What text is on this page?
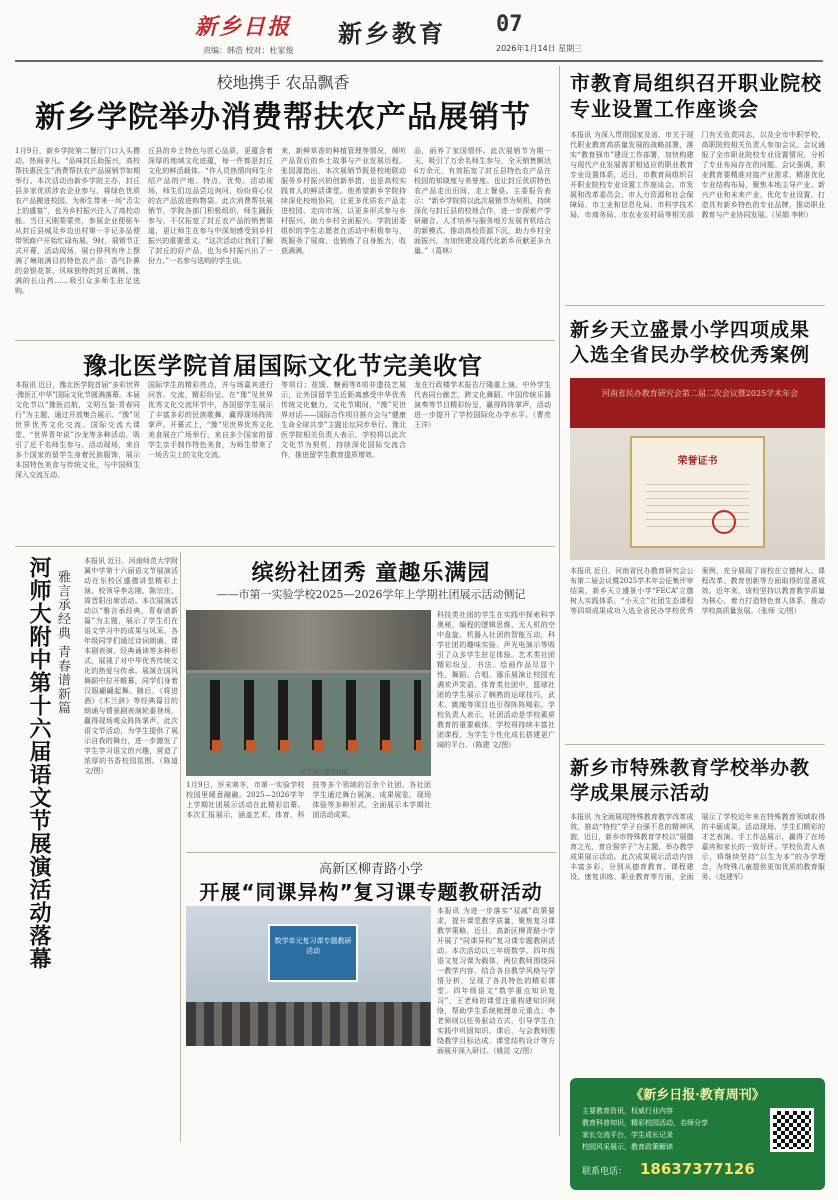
新乡日报
责编：韩浩 校对：杜家俊
新乡教育 07
2026年1月14日 星期三
校地携手 农品飘香
新乡学院举办消费帮扶农产品展销节
1月9日，新乡学院第二餐厅门口人头攒动，热闹非凡。“品味封丘助振兴，高校帮扶惠民生”消费帮扶农产品展销节如期举行。本次活动由新乡学院主办，封丘县多家优质涉农企业参与，将绿色优质农产品搬进校园，为师生带来一场“舌尖上的盛宴”，也为乡村振兴注入了高校动能。当日天刚蒙蒙亮，参展企业便驱车从封丘县城及乡边出村第一手记多品便带领商户开始忙碌布展。9时，展销节正式开幕，活动现场，展台排列有序上摆满了琳琅满目的特色农产品：香气扑鼻的金银花茶、风味独特的封丘黄桃、饱满的长山药……吸引众多师生驻足选购。
丘县的乡土特色与匠心品质，更蕴含着深厚的地域文化底蕴，每一件都是封丘文化的鲜活载体。“作人员热情向师生介绍产品的产地、特点、优势。活动现场，师生们边品尝边询问，纷纷将心仪的农产品放进购物袋。此次消费帮扶展销节，学院各部门积极组织，师生踊跃参与，不仅拓宽了封丘农产品的销售渠道，更让师生在参与中深刻感受到乡村振兴的重要意义。“这次活动让我们了解了封丘的好产品，也为乡村振兴出了一份力。”一名参与选购的学生说。
来，新鲜草香的种植管理等情况，倾听产品背后的乡土故事与产业发展历程。张园源指出，本次展销节既是校地联动服务乡村振兴的创新举措，也是高校实践育人的鲜活课堂。他希望新乡学院持续深化校地协同，让更多优质农产品走进校园、走向市场，以更多形式参与乡村振兴，助力乡村全面振兴。学院团委组织的学生志愿者在活动中积极参与，既服务了展商，也锻炼了自身能力，收获满满。
品，函养了家国情怀。此次展销节为期一天，吸引了万余名师生参与，全天销售额达6万余元，有效拓宽了封丘县特色农产品在校园的知晓度与美誉度。也让封丘优质特色农产品走出田间，走上餐桌。主委报告表示：“新乡学院将以此次展销节为契机，持续深化与封丘县的校地合作，进一步探索产学研融合、人才培养与服务地方发展有机结合的新模式，推动高校资源下沉，助力乡村全面振兴，为加快建设现代化新乡贡献更多力量。”（葛林）
市教育局组织召开职业院校专业设置工作座谈会
本报讯 为深入贯彻国家及省、市关于现代职业教育高质量发展的战略部署，落实“教育强市”建设工作部署，加快构建与现代产业发展需求相适应的职业教育专业设置体系，近日，市教育局组织召开职业院校专业设置工作座谈会。市发展和改革委员会、市人力资源和社会保障局、市工业和信息化局、市科学技术局、市商务局、市农业农村局等相关部门有关负责同志，以及全市中职学校、高职院校相关负责人参加会议。会议通报了全市职业院校专业设置情况，分析了专业布局存在的问题。会议强调，职业教育要精准对接产业需求，精准优化专业结构布局，聚焦本地主导产业、新兴产业和未来产业，优化专业设置，打造具有新乡特色的专业品牌，推动职业教育与产业协同发展。（吴娟 李彬）
豫北医学院首届国际文化节完美收官
本报讯 近日，豫北医学院首届“多彩世界·豫医汇中华”国际文化节圆满落幕。本届文化节以“豫医启航，文明互鉴·青春同行”为主题，通过开放集合展示、“豫”见世界优秀文化交流、国际交流大课堂、“世界青年说”沙龙等多种活动，吸引了近千名师生参与。活动现场，来自多个国家的留学生身着民族服饰，展示本国特色美食与传统文化，与中国师生深入交流互动。
国际学生的精彩亮点，并与场嘉宾进行问答、交流，精彩纷呈。在“豫”见世界优秀文化交流环节中，各国留学生展示了丰富多彩的民族歌舞，赢得现场阵阵掌声。开幕式上，“豫”见世界优秀文化美食展在广场举行，来自多个国家的留学生亲手制作特色美食，为师生带来了一场舌尖上的文化交流。
等项目；花馍、糖画等8项非遗技艺展示，让外国留学生近距离感受中华优秀传统文化魅力。文化节期间，“豫”见世界对话——国际合作项目推介会与“健康生命全球共享”主题论坛同步举行。豫北医学院相关负责人表示，学校将以此次文化节为契机，持续深化国际交流合作，推进留学生教育提质增效。
龙在行政楼学术报告厅隆重上演。中外学生代表同台献艺，跨文化舞蹈、中国传统乐器演奏等节目精彩纷呈，赢得阵阵掌声，活动进一步提升了学校国际化办学水平。（曹亮 王洋）
新乡天立盛景小学四项成果入选全省民办学校优秀案例
河南省民办教育研究会第二届二次会议暨2025学术年会
荣誉证书
本报讯 近日，河南省民办教育研究会公布第二届会议暨2025学术年会征集评审结果，新乡天立盛景小学“FECA”立德树人实践体系、“小天立”社团生态课程等四项成果成功入选全省民办学校优秀案例，充分展现了该校在立德树人、课程改革、教育创新等方面取得的显著成效。近年来，该校坚持以教育教学质量为核心，着力打造特色育人体系，推动学校高质量发展。（张师 文/图）
河师大附中第十六届语文节展演活动落幕 雅言承经典 青春谱新篇
本报讯 近日，河南师范大学附属中学第十六届语文节展演活动在东校区盛德讲堂精彩上演。校领导李志刚、陈宗庄、周晋阳出席活动。本次展演活动以“雅言承经典，青春谱新篇”为主题，展示了学生们在语文学习中的成果与风采。各年级同学们通过诗词朗诵、课本剧表演、经典诵读等多种形式，展现了对中华优秀传统文化的热爱与传承。展演在国风舞蹈中拉开帷幕，同学们身着汉服翩翩起舞。随后，《将进酒》《木兰辞》等经典篇目的朗诵与情景剧表演轮番登场，赢得现场观众阵阵掌声。此次语文节活动，为学生提供了展示自我的舞台，进一步激发了学生学习语文的兴趣，营造了浓厚的书香校园氛围。（陈道 文/图）
缤纷社团秀 童趣乐满园
——市第一实验学校2025—2026学年上学期社团展示活动侧记
1月9日，岁末寒冬，市第一实验学校校园里暖意融融。2025—2026学年上学期社团展示活动在此精彩启幕。本次汇报展示，涵盖艺术、体育、科技等多个领域的百余个社团。各社团学生通过舞台展演、成果展览、现场体验等多种形式，全面展示本学期社团活动成果。
科技类社团的学生在实践中探索科学奥秘，编程的逻辑思维、无人机的空中盘旋、机器人社团的智能互动，科学社团的趣味实验、声光电演示等吸引了众多学生驻足体验。艺术类社团精彩纷呈，书法、绘画作品尽显个性，舞蹈、合唱、器乐展演让校园充满欢声笑语。体育类社团中，篮球社团的学生展示了娴熟的运球技巧，武术、跳绳等项目也引得阵阵喝彩。学校负责人表示，社团活动是学校素质教育的重要载体，学校将持续丰富社团课程，为学生个性化成长搭建更广阔的平台。（陈建 文/图）
学生展示篮球技能。
高新区柳青路小学
开展“同课异构”复习课专题教研活动
数学单元复习课专题教研活动
本报讯 为进一步落实“双减”政策要求，提升课堂教学质量，聚焦复习课教学策略，近日，高新区柳青路小学开展了“同课异构”复习课专题教研活动。本次活动以三年级数学、四年级语文复习课为载体，两位教师围绕同一教学内容，结合各自教学风格与学情分析，呈现了各具特色的精彩课堂。四年级语文“数学重点知识复习”，王老师的课堂注重构建知识网络，帮助学生系统梳理单元重点；李老师则以任务驱动方式，引导学生在实践中巩固知识。课后，与会教师围绕教学目标达成、课堂结构设计等方面展开深入研讨。（姚昆 文/图）
新乡市特殊教育学校举办教学成果展示活动
本报讯 为全面展现特殊教育教学改革成效，推动“特校”学子自强不息的精神风貌，近日，新乡市特殊教育学校以“展德育之光，育自强学子”为主题，举办教学成果展示活动。此次成果展示活动内容丰富多彩，分别从德育教育、课程建设、康复训练、职业教育等方面，全面展示了学校近年来在特殊教育领域取得的丰硕成果。活动现场，学生们精彩的才艺表演、手工作品展示，赢得了在场嘉宾和家长的一致好评。学校负责人表示，将继续坚持“以生为本”的办学理念，为特殊儿童提供更加优质的教育服务。（赵建军）
《新乡日报·教育周刊》
主要教育资讯，权威行业内容
教育科普知识，精彩校园活动，名师分享
家长交流平台，学生成长记录
校园风采展示，教育政策解读
联系电话： 18637377126
